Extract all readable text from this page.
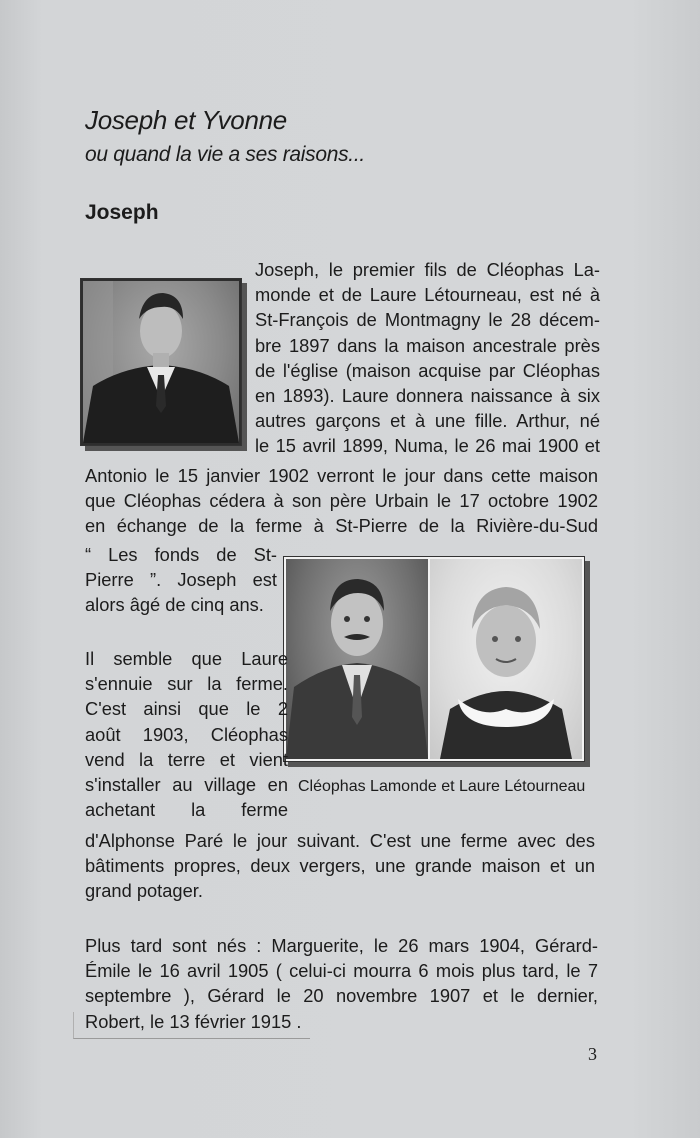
Joseph et Yvonne
ou quand la vie a ses raisons...
Joseph
Joseph, le premier fils de Cléophas La-
monde et de Laure Létourneau, est né à
St-François de Montmagny le 28 décem-
bre 1897 dans la maison ancestrale près
de l'église (maison acquise par Cléophas
en 1893). Laure donnera naissance à six
autres garçons et à une fille. Arthur, né
le 15 avril 1899, Numa, le 26 mai 1900 et
Antonio le 15 janvier 1902 verront le jour dans cette maison
que Cléophas cédera à son père Urbain le 17 octobre 1902
en échange de la ferme à St-Pierre de la Rivière-du-Sud
“ Les fonds de St-
Pierre ”. Joseph est
alors âgé de cinq ans.
Il semble que Laure
s'ennuie sur la ferme.
C'est ainsi que le 2
août 1903, Cléophas
vend la terre et vient
s'installer au village en
achetant la ferme
Cléophas Lamonde et Laure Létourneau
d'Alphonse Paré le jour suivant. C'est une ferme avec des
bâtiments propres, deux vergers, une grande maison et un
grand potager.
Plus tard sont nés : Marguerite, le 26 mars 1904, Gérard-
Émile le 16 avril 1905 ( celui-ci mourra 6 mois plus tard, le 7
septembre ), Gérard le 20 novembre 1907 et le dernier,
Robert, le 13 février 1915 .
3
